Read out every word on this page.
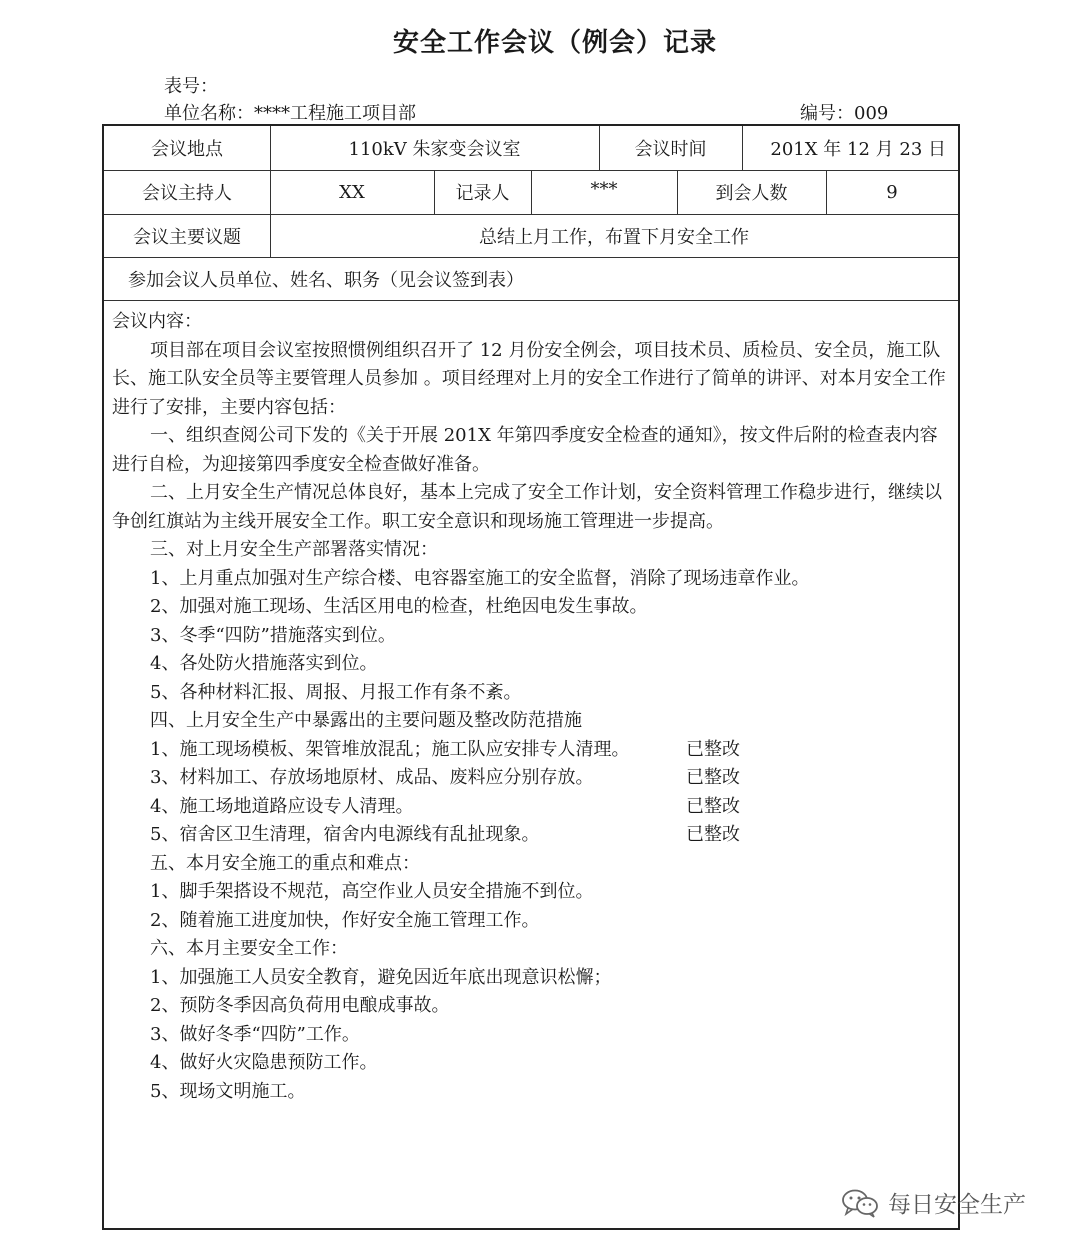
安全工作会议（例会）记录
表号：
单位名称：****工程施工项目部	编号：009
会议地点	110kV 朱家变会议室	会议时间	201X 年 12 月 23 日
会议主持人	XX	记录人	***	到会人数	9
会议主要议题	总结上月工作，布置下月安全工作
参加会议人员单位、姓名、职务（见会议签到表）

会议内容：

项目部在项目会议室按照惯例组织召开了 12 月份安全例会，项目技术员、质检员、安全员，施工队长、施工队安全员等主要管理人员参加 。项目经理对上月的安全工作进行了简单的讲评、对本月安全工作进行了安排，主要内容包括：

一、组织查阅公司下发的《关于开展 201X 年第四季度安全检查的通知》，按文件后附的检查表内容进行自检，为迎接第四季度安全检查做好准备。

二、上月安全生产情况总体良好，基本上完成了安全工作计划，安全资料管理工作稳步进行，继续以争创红旗站为主线开展安全工作。职工安全意识和现场施工管理进一步提高。

三、对上月安全生产部署落实情况：

1、上月重点加强对生产综合楼、电容器室施工的安全监督，消除了现场违章作业。

2、加强对施工现场、生活区用电的检查，杜绝因电发生事故。

3、冬季“四防”措施落实到位。

4、各处防火措施落实到位。

5、各种材料汇报、周报、月报工作有条不紊。

四、上月安全生产中暴露出的主要问题及整改防范措施

1、施工现场模板、架管堆放混乱；施工队应安排专人清理。	已整改
3、材料加工、存放场地原材、成品、废料应分别存放。	已整改
4、施工场地道路应设专人清理。	已整改
5、宿舍区卫生清理，宿舍内电源线有乱扯现象。	已整改

五、本月安全施工的重点和难点：

1、脚手架搭设不规范，高空作业人员安全措施不到位。

2、随着施工进度加快，作好安全施工管理工作。

六、本月主要安全工作：

1、加强施工人员安全教育，避免因近年底出现意识松懈；

2、预防冬季因高负荷用电酿成事故。

3、做好冬季“四防”工作。

4、做好火灾隐患预防工作。

5、现场文明施工。

每日安全生产
